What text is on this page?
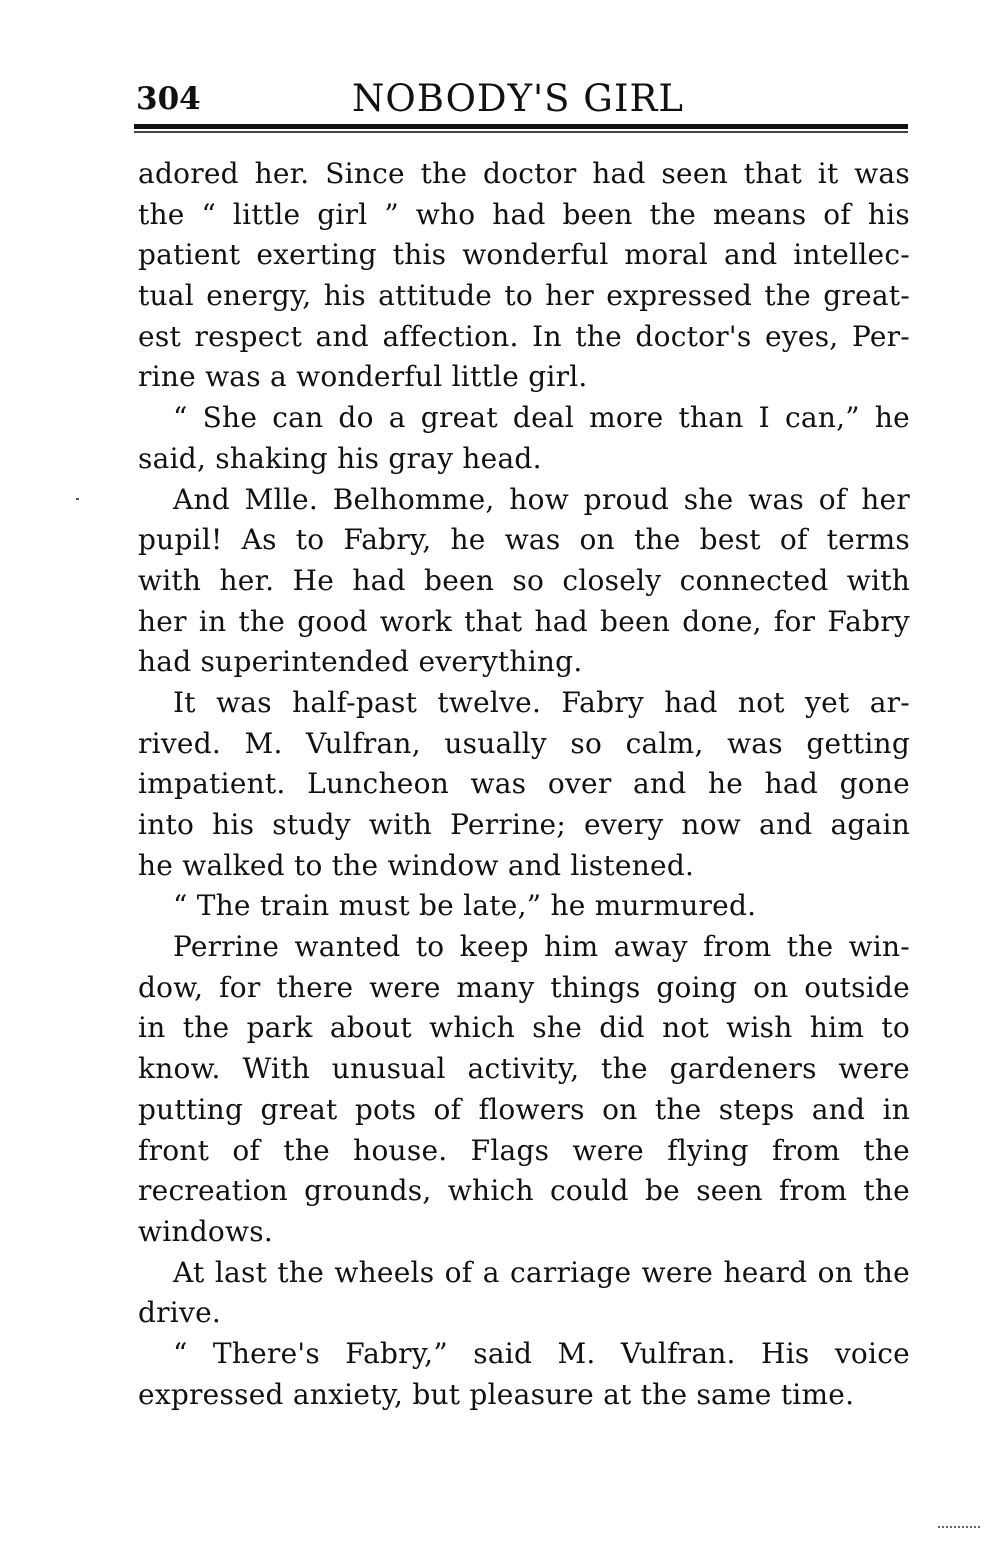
304	NOBODY'S GIRL
adored her. Since the doctor had seen that it was
the “ little girl ” who had been the means of his
patient exerting this wonderful moral and intellec-
tual energy, his attitude to her expressed the great-
est respect and affection. In the doctor's eyes, Per-
rine was a wonderful little girl.
“ She can do a great deal more than I can,” he
said, shaking his gray head.
And Mlle. Belhomme, how proud she was of her
pupil! As to Fabry, he was on the best of terms
with her. He had been so closely connected with
her in the good work that had been done, for Fabry
had superintended everything.
It was half-past twelve. Fabry had not yet ar-
rived. M. Vulfran, usually so calm, was getting
impatient. Luncheon was over and he had gone
into his study with Perrine; every now and again
he walked to the window and listened.
“ The train must be late,” he murmured.
Perrine wanted to keep him away from the win-
dow, for there were many things going on outside
in the park about which she did not wish him to
know. With unusual activity, the gardeners were
putting great pots of flowers on the steps and in
front of the house. Flags were flying from the
recreation grounds, which could be seen from the
windows.
At last the wheels of a carriage were heard on the
drive.
“ There's Fabry,” said M. Vulfran. His voice
expressed anxiety, but pleasure at the same time.
